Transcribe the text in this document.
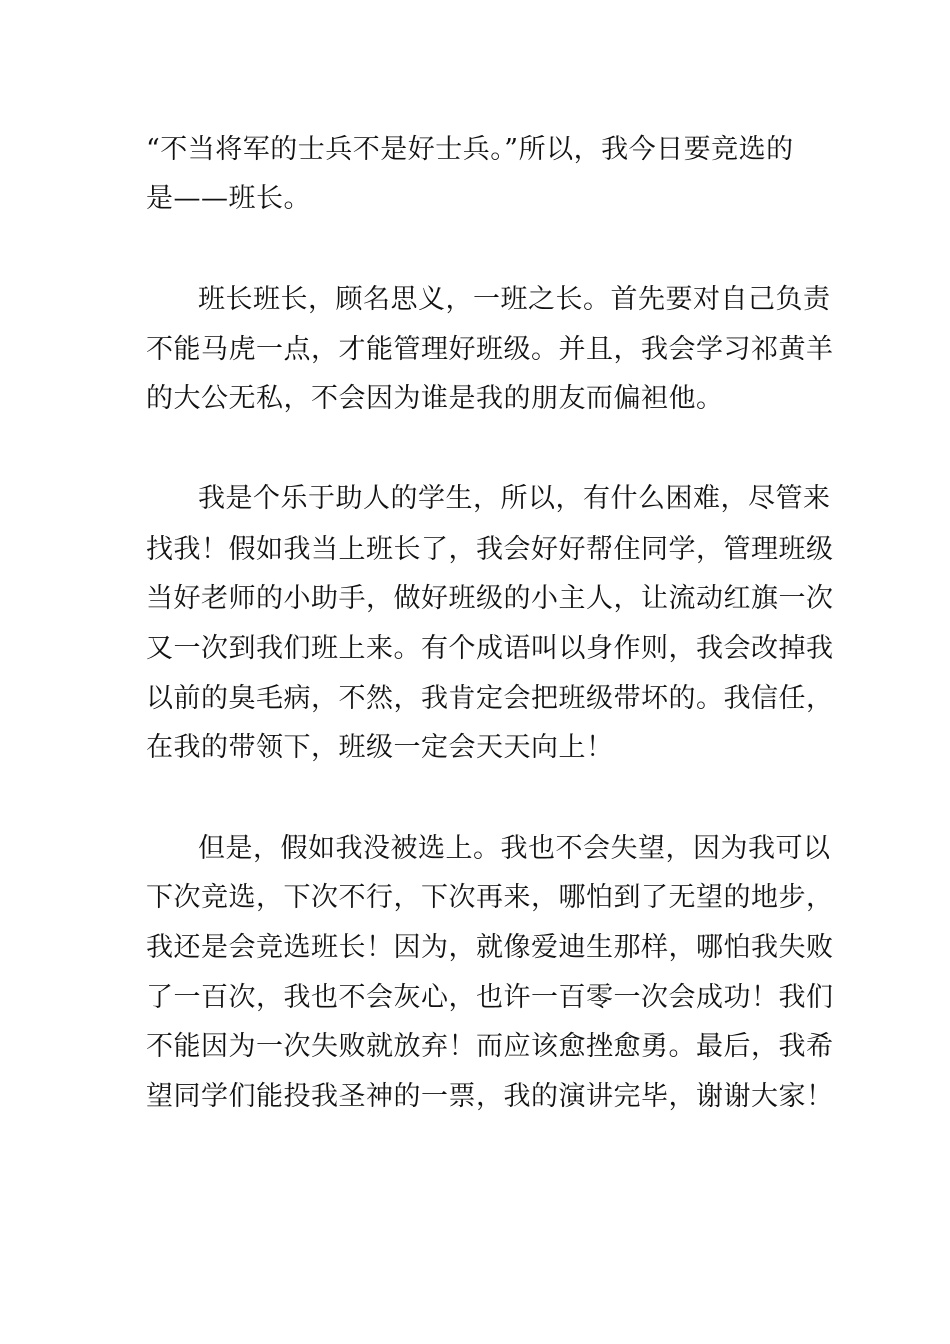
“不当将军的士兵不是好士兵。”所以，我今日要竞选的
是——班长。
班长班长，顾名思义，一班之长。首先要对自己负责
不能马虎一点，才能管理好班级。并且，我会学习祁黄羊
的大公无私，不会因为谁是我的朋友而偏袒他。
我是个乐于助人的学生，所以，有什么困难，尽管来
找我！假如我当上班长了，我会好好帮住同学，管理班级
当好老师的小助手，做好班级的小主人，让流动红旗一次
又一次到我们班上来。有个成语叫以身作则，我会改掉我
以前的臭毛病，不然，我肯定会把班级带坏的。我信任，
在我的带领下，班级一定会天天向上！
但是，假如我没被选上。我也不会失望，因为我可以
下次竞选，下次不行，下次再来，哪怕到了无望的地步，
我还是会竞选班长！因为，就像爱迪生那样，哪怕我失败
了一百次，我也不会灰心，也许一百零一次会成功！我们
不能因为一次失败就放弃！而应该愈挫愈勇。最后，我希
望同学们能投我圣神的一票，我的演讲完毕，谢谢大家！
